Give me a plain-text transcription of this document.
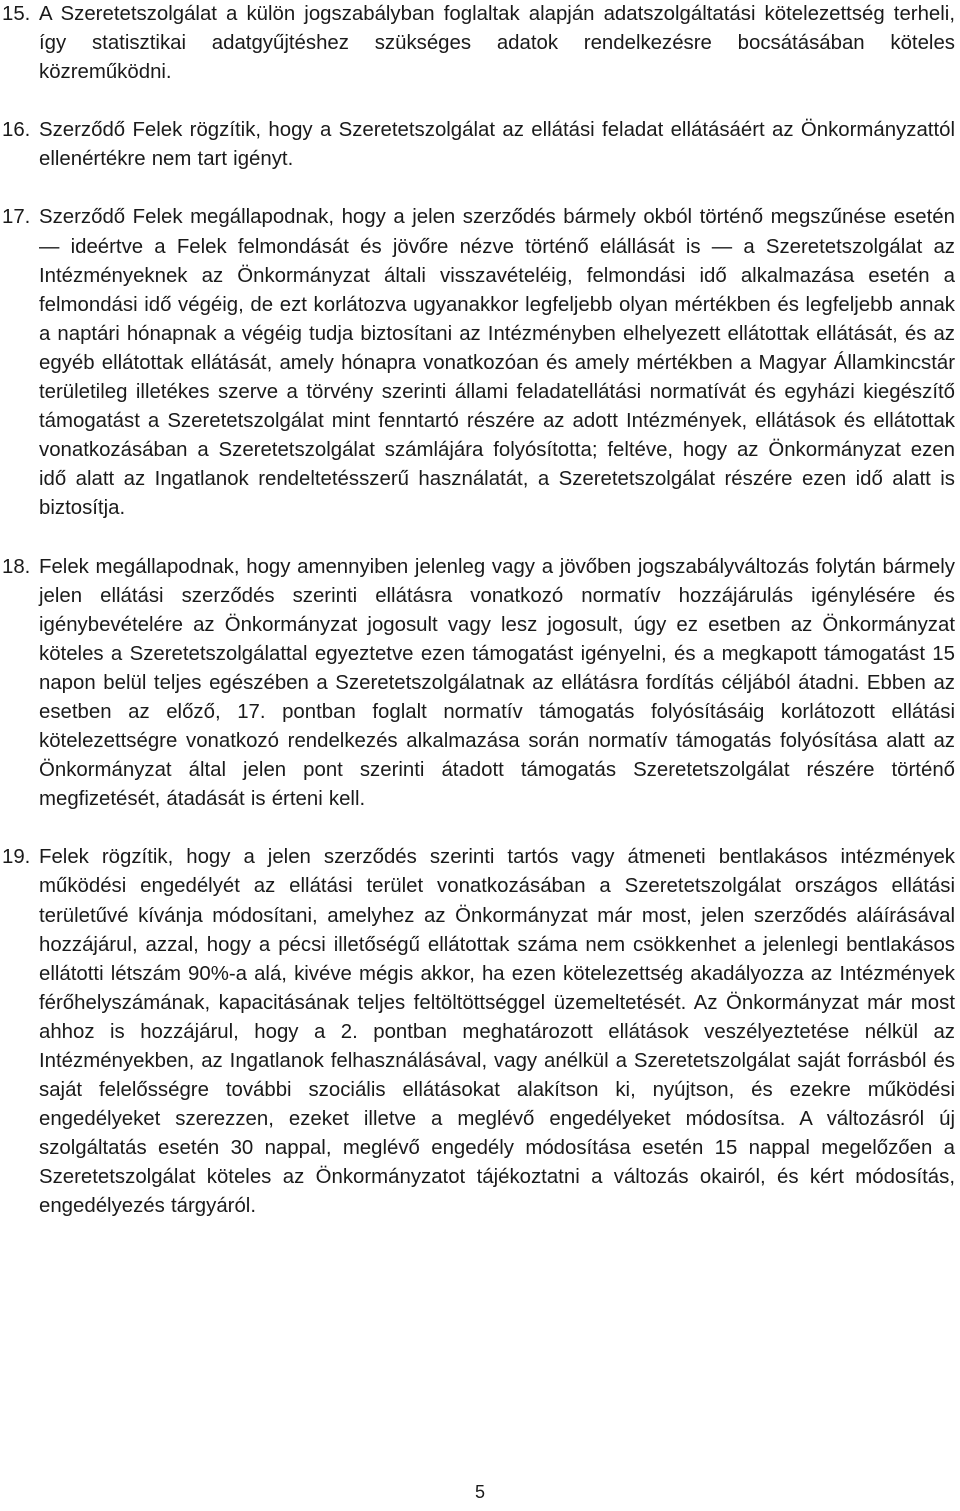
15. A Szeretetszolgálat a külön jogszabályban foglaltak alapján adatszolgáltatási kötelezettség terheli, így statisztikai adatgyűjtéshez szükséges adatok rendelkezésre bocsátásában köteles közreműködni.
16. Szerződő Felek rögzítik, hogy a Szeretetszolgálat az ellátási feladat ellátásáért az Önkormányzattól ellenértékre nem tart igényt.
17. Szerződő Felek megállapodnak, hogy a jelen szerződés bármely okból történő megszűnése esetén ― ideértve a Felek felmondását és jövőre nézve történő elállását is ― a Szeretetszolgálat az Intézményeknek az Önkormányzat általi visszavételéig, felmondási idő alkalmazása esetén a felmondási idő végéig, de ezt korlátozva ugyanakkor legfeljebb olyan mértékben és legfeljebb annak a naptári hónapnak a végéig tudja biztosítani az Intézményben elhelyezett ellátottak ellátását, és az egyéb ellátottak ellátását, amely hónapra vonatkozóan és amely mértékben a Magyar Államkincstár területileg illetékes szerve a törvény szerinti állami feladatellátási normatívát és egyházi kiegészítő támogatást a Szeretetszolgálat mint fenntartó részére az adott Intézmények, ellátások és ellátottak vonatkozásában a Szeretetszolgálat számlájára folyósította; feltéve, hogy az Önkormányzat ezen idő alatt az Ingatlanok rendeltetésszerű használatát, a Szeretetszolgálat részére ezen idő alatt is biztosítja.
18. Felek megállapodnak, hogy amennyiben jelenleg vagy a jövőben jogszabályváltozás folytán bármely jelen ellátási szerződés szerinti ellátásra vonatkozó normatív hozzájárulás igénylésére és igénybevételére az Önkormányzat jogosult vagy lesz jogosult, úgy ez esetben az Önkormányzat köteles a Szeretetszolgálattal egyeztetve ezen támogatást igényelni, és a megkapott támogatást 15 napon belül teljes egészében a Szeretetszolgálatnak az ellátásra fordítás céljából átadni. Ebben az esetben az előző, 17. pontban foglalt normatív támogatás folyósításáig korlátozott ellátási kötelezettségre vonatkozó rendelkezés alkalmazása során normatív támogatás folyósítása alatt az Önkormányzat által jelen pont szerinti átadott támogatás Szeretetszolgálat részére történő megfizetését, átadását is érteni kell.
19. Felek rögzítik, hogy a jelen szerződés szerinti tartós vagy átmeneti bentlakásos intézmények működési engedélyét az ellátási terület vonatkozásában a Szeretetszolgálat országos ellátási területűvé kívánja módosítani, amelyhez az Önkormányzat már most, jelen szerződés aláírásával hozzájárul, azzal, hogy a pécsi illetőségű ellátottak száma nem csökkenhet a jelenlegi bentlakásos ellátotti létszám 90%-a alá, kivéve mégis akkor, ha ezen kötelezettség akadályozza az Intézmények férőhelyszámának, kapacitásának teljes feltöltöttséggel üzemeltetését. Az Önkormányzat már most ahhoz is hozzájárul, hogy a 2. pontban meghatározott ellátások veszélyeztetése nélkül az Intézményekben, az Ingatlanok felhasználásával, vagy anélkül a Szeretetszolgálat saját forrásból és saját felelősségre további szociális ellátásokat alakítson ki, nyújtson, és ezekre működési engedélyeket szerezzen, ezeket illetve a meglévő engedélyeket módosítsa. A változásról új szolgáltatás esetén 30 nappal, meglévő engedély módosítása esetén 15 nappal megelőzően a Szeretetszolgálat köteles az Önkormányzatot tájékoztatni a változás okairól, és kért módosítás, engedélyezés tárgyáról.
5
